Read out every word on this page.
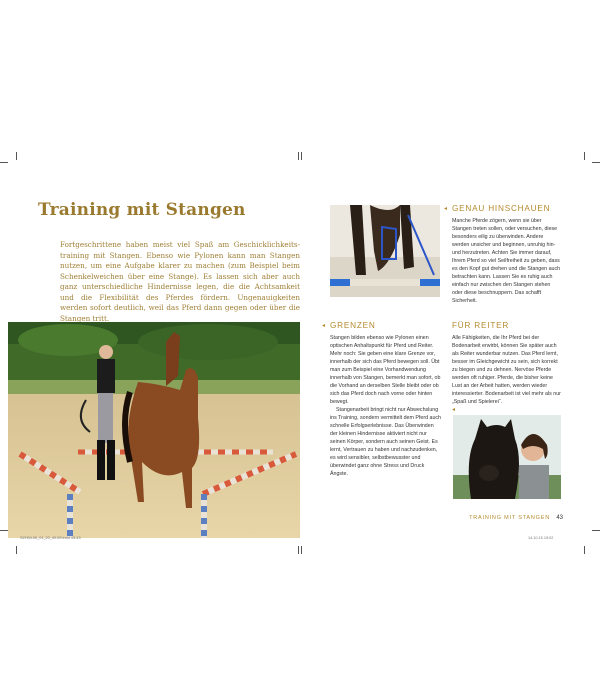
Training mit Stangen

Fortgeschrittene haben meist viel Spaß am Geschicklichkeits-training mit Stangen. Ebenso wie Pylonen kann man Stangen nutzen, um eine Aufgabe klarer zu machen (zum Beispiel beim Schenkelweichen über eine Stange). Es lassen sich aber auch ganz unterschiedliche Hindernisse legen, die die Achtsamkeit und die Flexibilität des Pferdes fördern. Ungenauigkeiten werden sofort deutlich, weil das Pferd dann gegen oder über die Stangen tritt.

◂ GENAU HINSCHAUEN

Manche Pferde zögern, wenn sie über Stangen treten sollen, oder versuchen, diese besonders eilig zu überwinden. Andere werden unsicher und beginnen, unruhig hin- und herzutreten. Achten Sie immer darauf, Ihrem Pferd so viel Seilfreiheit zu geben, dass es den Kopf gut drehen und die Stangen auch betrachten kann. Lassen Sie es ruhig auch einfach nur zwischen den Stangen stehen oder diese beschnuppern. Das schafft Sicherheit.

◂ GRENZEN

Stangen bilden ebenso wie Pylonen einen optischen Anhaltspunkt für Pferd und Reiter. Mehr noch: Sie geben eine klare Grenze vor, innerhalb der sich das Pferd bewegen soll. Übt man zum Beispiel eine Vorhandwendung innerhalb von Stangen, bemerkt man sofort, ob die Vorhand an derselben Stelle bleibt oder ob sich das Pferd doch nach vorne oder hinten bewegt.

Stangenarbeit bringt nicht nur Abwechslung ins Training, sondern vermittelt dem Pferd auch schnelle Erfolgserlebnisse. Das Überwinden der kleinen Hindernisse aktiviert nicht nur seinen Körper, sondern auch seinen Geist. Es lernt, Vertrauen zu haben und nachzudenken, es wird sensibler, selbstbewusster und überwindet ganz ohne Stress und Druck Ängste.

FÜR REITER

Alle Fähigkeiten, die Ihr Pferd bei der Bodenarbeit erwirbt, können Sie später auch als Reiter wunderbar nutzen. Das Pferd lernt, besser im Gleichgewicht zu sein, sich korrekt zu biegen und zu dehnen. Nervöse Pferde werden oft ruhiger. Pferde, die bisher keine Lust an der Arbeit hatten, werden wieder interessierter. Bodenarbeit ist viel mehr als nur „Spaß und Spielerei“.

◂
TRAINING MIT STANGEN 43
SZH04.06_01_20_40-59.indd 43-43	14.10.15 15:02
